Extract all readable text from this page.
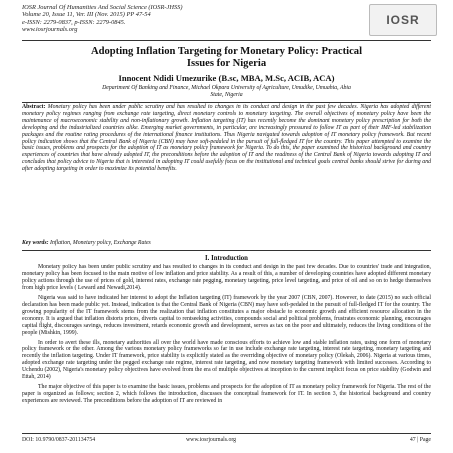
IOSR Journal Of Humanities And Social Science (IOSR-JHSS)
Volume 20, Issue 11, Ver. III (Nov. 2015) PP 47-54
e-ISSN: 2279-0837, p-ISSN: 2279-0845.
www.iosrjournals.org
IOSR
Adopting Inflation Targeting for Monetary Policy: Practical
Issues for Nigeria
Innocent Ndidi Umezurike (B.sc, MBA, M.Sc, ACIB, ACA)
Department Of Banking and Finance, Michael Okpara University of Agriculture, Umudike, Umuahia, Abia
State, Nigeria
Abstract: Monetary policy has been under public scrutiny and has resulted to changes in its conduct and design in the past few decades. Nigeria has adopted different monetary policy regimes ranging from exchange rate targeting, direct monetary controls to monetary targeting. The overall objectives of monetary policy have been the maintenance of macroeconomic stability and non-inflationary growth. Inflation targeting (IT) has recently become the dominant monetary policy prescription for both the developing and the industrialized countries alike. Emerging market governments, in particular, are increasingly pressured to follow IT as part of their IMF-led stabilization packages and the routine rating procedures of the international finance institutions. Thus Nigeria navigated towards adoption of IT monetary policy framework. But recent policy indication shows that the Central Bank of Nigeria (CBN) may have soft-pedaled in the pursuit of full-fledged IT for the country. This paper attempted to examine the basic issues, problems and prospects for the adoption of IT as monetary policy framework for Nigeria. To do this, the paper examined the historical background and country experiences of countries that have already adopted IT, the preconditions before the adoption of IT and the readiness of the Central Bank of Nigeria towards adopting IT and concludes that policy advice to Nigeria that is interested in adopting IT could usefully focus on the institutional and technical goals central banks should strive for during and after adopting targeting in order to maximize its potential benefits.
Key words: Inflation, Monetary policy, Exchange Rates
I. Introduction

Monetary policy has been under public scrutiny and has resulted to changes in its conduct and design in the past few decades. Due to countries' trade and integration, monetary policy has been focused to the main motive of low inflation and price stability. As a result of this, a number of developing countries have adopted different monetary policy actions through the use of prices of gold, interest rates, exchange rate pegging, monetary targeting, price level targeting, and price of oil and so on to hedge themselves from high price levels ( Leward and Newadi,2014).

Nigeria was said to have indicated her interest to adopt the Inflation targeting (IT) framework by the year 2007 (CBN, 2007). However, to date (2015) no such official declaration has been made public yet. Instead, indication is that the Central Bank of Nigeria (CBN) may have soft-pedaled in the pursuit of full-fledged IT for the country. The growing popularity of the IT framework stems from the realization that inflation constitutes a major obstacle to economic growth and efficient resource allocation in the economy. It is argued that inflation distorts prices, diverts capital to rentseeking activities, compounds social and political problems, frustrates economic planning, encourages capital flight, discourages savings, reduces investment, retards economic growth and development, serves as tax on the poor and ultimately, reduces the living conditions of the people (Mishkin, 1999).

In order to avert these ills, monetary authorities all over the world have made conscious efforts to achieve low and stable inflation rates, using one form of monetary policy framework or the other. Among the various monetary policy frameworks so far in use include exchange rate targeting, interest rate targeting, monetary targeting and recently the inflation targeting. Under IT framework, price stability is explicitly stated as the overriding objective of monetary policy (Olekah, 2006). Nigeria at various times, adopted exchange rate targeting under the pegged exchange rate regime, interest rate targeting, and now monetary targeting framework with limited successes. According to Uchendu (2002), Nigeria's monetary policy objectives have evolved from the era of multiple objectives at inception to the current implicit focus on price stability (Godwin and Ettah, 2014)

The major objective of this paper is to examine the basic issues, problems and prospects for the adoption of IT as monetary policy framework for Nigeria. The rest of the paper is organized as follows; section 2, which follows the introduction, discusses the conceptual framework for IT. In section 3, the historical background and country experiences are reviewed. The preconditions before the adoption of IT are reviewed in

DOI: 10.9790/0837-201134754	www.iosrjournals.org	47 | Page
